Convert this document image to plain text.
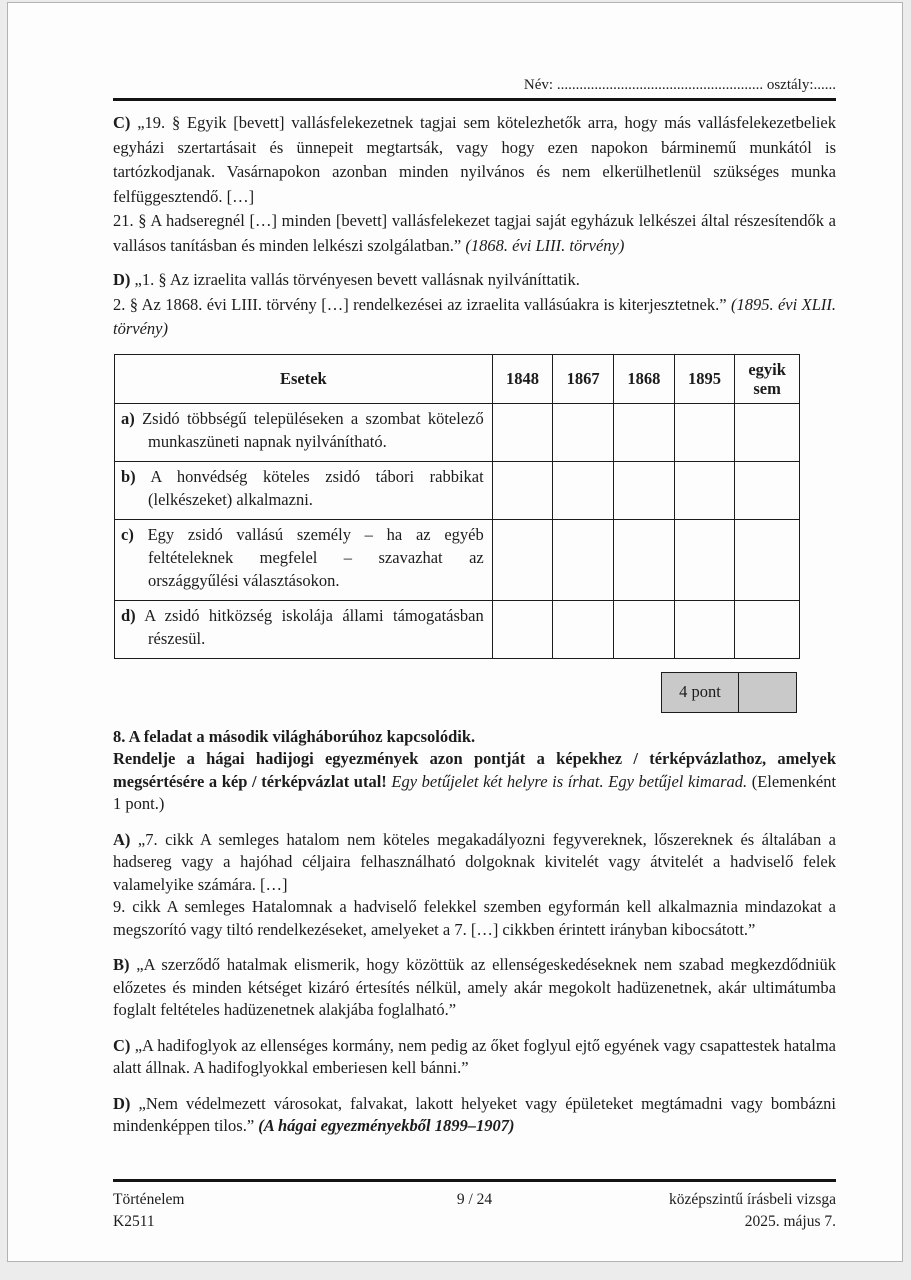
Név: ....................................................... osztály:......

C) „19. § Egyik [bevett] vallásfelekezetnek tagjai sem kötelezhetők arra, hogy más vallásfelekezetbeliek egyházi szertartásait és ünnepeit megtartsák, vagy hogy ezen napokon bárminemű munkától is tartózkodjanak. Vasárnapokon azonban minden nyilvános és nem elkerülhetlenül szükséges munka felfüggesztendő. […]

21. § A hadseregnél […] minden [bevett] vallásfelekezet tagjai saját egyházuk lelkészei által részesítendők a vallásos tanításban és minden lelkészi szolgálatban.” (1868. évi LIII. törvény)

D) „1. § Az izraelita vallás törvényesen bevett vallásnak nyilváníttatik.

2. § Az 1868. évi LIII. törvény […] rendelkezései az izraelita vallásúakra is kiterjesztetnek.” (1895. évi XLII. törvény)

Esetek	1848	1867	1868	1895	egyik sem

a) Zsidó többségű településeken a szombat kötelező munkaszüneti napnak nyilvánítható.					

b) A honvédség köteles zsidó tábori rabbikat (lelkészeket) alkalmazni.					

c) Egy zsidó vallású személy – ha az egyéb feltételeknek megfelel – szavazhat az országgyűlési választásokon.					

d) A zsidó hitközség iskolája állami támogatásban részesül.					

4 pont

8. A feladat a második világháborúhoz kapcsolódik.

Rendelje a hágai hadijogi egyezmények azon pontját a képekhez / térképvázlathoz, amelyek megsértésére a kép / térképvázlat utal! Egy betűjelet két helyre is írhat. Egy betűjel kimarad. (Elemenként 1 pont.)

A) „7. cikk A semleges hatalom nem köteles megakadályozni fegyvereknek, lőszereknek és általában a hadsereg vagy a hajóhad céljaira felhasználható dolgoknak kivitelét vagy átvitelét a hadviselő felek valamelyike számára. […]

9. cikk A semleges Hatalomnak a hadviselő felekkel szemben egyformán kell alkalmaznia mindazokat a megszorító vagy tiltó rendelkezéseket, amelyeket a 7. […] cikkben érintett irányban kibocsátott.”

B) „A szerződő hatalmak elismerik, hogy közöttük az ellenségeskedéseknek nem szabad megkezdődniük előzetes és minden kétséget kizáró értesítés nélkül, amely akár megokolt hadüzenetnek, akár ultimátumba foglalt feltételes hadüzenetnek alakjába foglalható.”

C) „A hadifoglyok az ellenséges kormány, nem pedig az őket foglyul ejtő egyének vagy csapattestek hatalma alatt állnak. A hadifoglyokkal emberiesen kell bánni.”

D) „Nem védelmezett városokat, falvakat, lakott helyeket vagy épületeket megtámadni vagy bombázni mindenképpen tilos.” (A hágai egyezményekből 1899–1907)

Történelem
K2511
9 / 24	középszintű írásbeli vizsga
2025. május 7.
